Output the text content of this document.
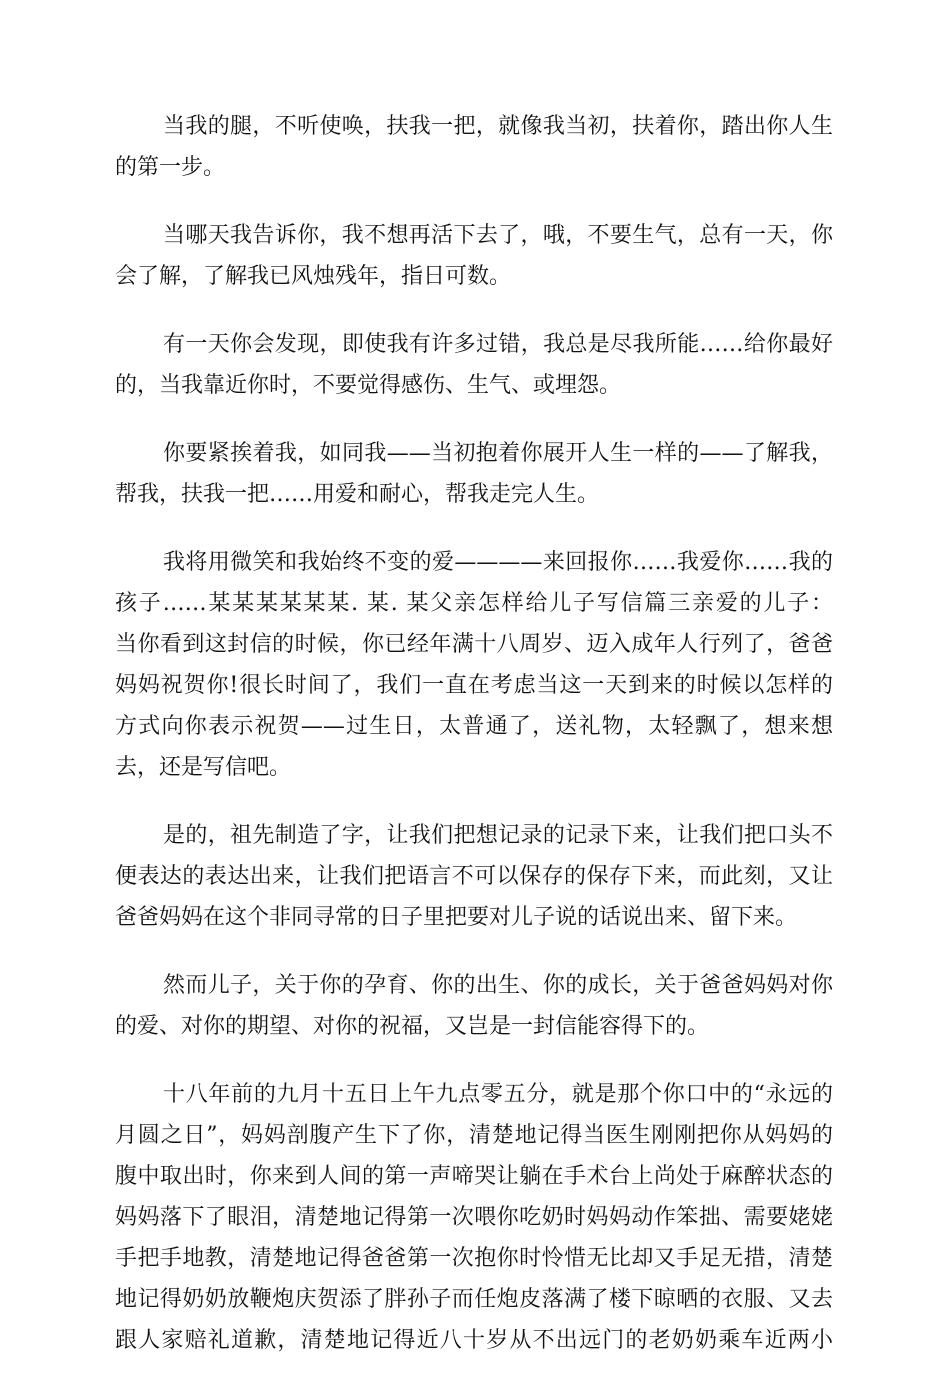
当我的腿，不听使唤，扶我一把，就像我当初，扶着你，踏出你人生
的第一步。
当哪天我告诉你，我不想再活下去了，哦，不要生气，总有一天，你
会了解，了解我已风烛残年，指日可数。
有一天你会发现，即使我有许多过错，我总是尽我所能……给你最好
的，当我靠近你时，不要觉得感伤、生气、或埋怨。
你要紧挨着我，如同我——当初抱着你展开人生一样的——了解我，
帮我，扶我一把……用爱和耐心，帮我走完人生。
我将用微笑和我始终不变的爱————来回报你……我爱你……我的
孩子……某某某某某某. 某. 某父亲怎样给儿子写信篇三亲爱的儿子：
当你看到这封信的时候，你已经年满十八周岁、迈入成年人行列了，爸爸
妈妈祝贺你!很长时间了，我们一直在考虑当这一天到来的时候以怎样的
方式向你表示祝贺——过生日，太普通了，送礼物，太轻飘了，想来想
去，还是写信吧。
是的，祖先制造了字，让我们把想记录的记录下来，让我们把口头不
便表达的表达出来，让我们把语言不可以保存的保存下来，而此刻，又让
爸爸妈妈在这个非同寻常的日子里把要对儿子说的话说出来、留下来。
然而儿子，关于你的孕育、你的出生、你的成长，关于爸爸妈妈对你
的爱、对你的期望、对你的祝福，又岂是一封信能容得下的。
十八年前的九月十五日上午九点零五分，就是那个你口中的“永远的
月圆之日”，妈妈剖腹产生下了你，清楚地记得当医生刚刚把你从妈妈的
腹中取出时，你来到人间的第一声啼哭让躺在手术台上尚处于麻醉状态的
妈妈落下了眼泪，清楚地记得第一次喂你吃奶时妈妈动作笨拙、需要姥姥
手把手地教，清楚地记得爸爸第一次抱你时怜惜无比却又手足无措，清楚
地记得奶奶放鞭炮庆贺添了胖孙子而任炮皮落满了楼下晾晒的衣服、又去
跟人家赔礼道歉，清楚地记得近八十岁从不出远门的老奶奶乘车近两小
